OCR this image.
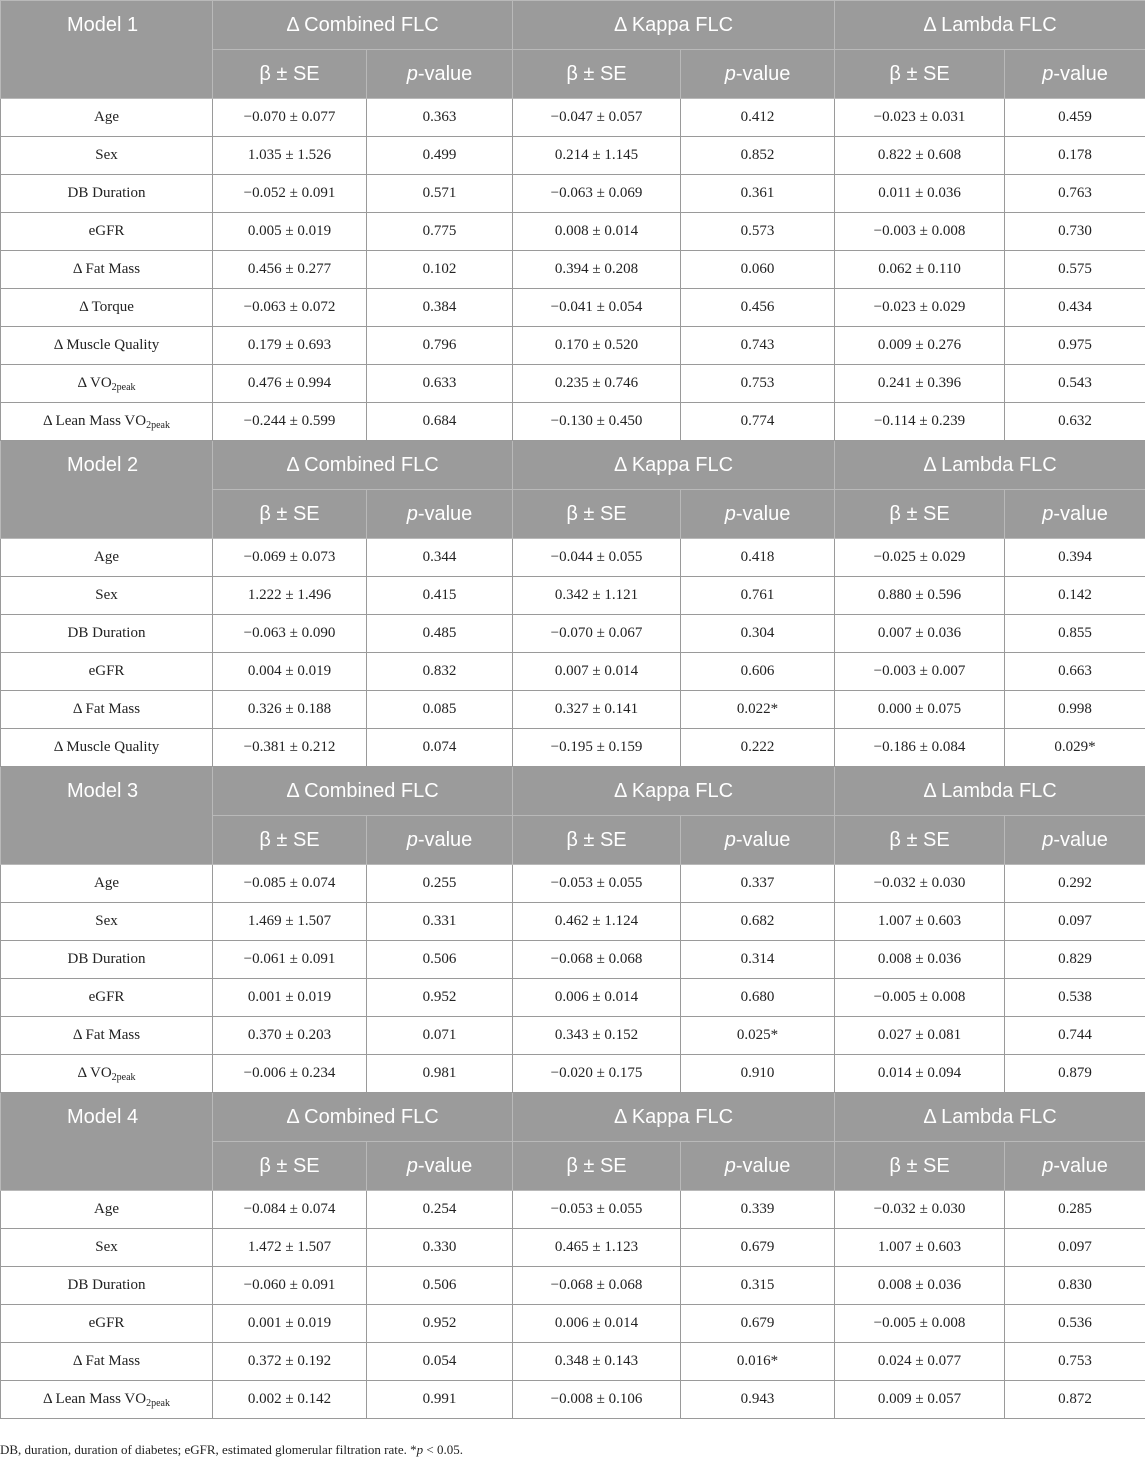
Model 1	Δ Combined FLC		Δ Kappa FLC		Δ Lambda FLC	
	β ± SE	p-value	β ± SE	p-value	β ± SE	p-value
Age	−0.070 ± 0.077	0.363	−0.047 ± 0.057	0.412	−0.023 ± 0.031	0.459
Sex	1.035 ± 1.526	0.499	0.214 ± 1.145	0.852	0.822 ± 0.608	0.178
DB Duration	−0.052 ± 0.091	0.571	−0.063 ± 0.069	0.361	0.011 ± 0.036	0.763
eGFR	0.005 ± 0.019	0.775	0.008 ± 0.014	0.573	−0.003 ± 0.008	0.730
Δ Fat Mass	0.456 ± 0.277	0.102	0.394 ± 0.208	0.060	0.062 ± 0.110	0.575
Δ Torque	−0.063 ± 0.072	0.384	−0.041 ± 0.054	0.456	−0.023 ± 0.029	0.434
Δ Muscle Quality	0.179 ± 0.693	0.796	0.170 ± 0.520	0.743	0.009 ± 0.276	0.975
Δ $VO_{2peak}$	0.476 ± 0.994	0.633	0.235 ± 0.746	0.753	0.241 ± 0.396	0.543
Δ Lean Mass $VO_{2peak}$	−0.244 ± 0.599	0.684	−0.130 ± 0.450	0.774	−0.114 ± 0.239	0.632
Model 2	Δ Combined FLC		Δ Kappa FLC		Δ Lambda FLC	
	β ± SE	p-value	β ± SE	p-value	β ± SE	p-value
Age	−0.069 ± 0.073	0.344	−0.044 ± 0.055	0.418	−0.025 ± 0.029	0.394
Sex	1.222 ± 1.496	0.415	0.342 ± 1.121	0.761	0.880 ± 0.596	0.142
DB Duration	−0.063 ± 0.090	0.485	−0.070 ± 0.067	0.304	0.007 ± 0.036	0.855
eGFR	0.004 ± 0.019	0.832	0.007 ± 0.014	0.606	−0.003 ± 0.007	0.663
Δ Fat Mass	0.326 ± 0.188	0.085	0.327 ± 0.141	0.022*	0.000 ± 0.075	0.998
Δ Muscle Quality	−0.381 ± 0.212	0.074	−0.195 ± 0.159	0.222	−0.186 ± 0.084	0.029*
Model 3	Δ Combined FLC		Δ Kappa FLC		Δ Lambda FLC	
	β ± SE	p-value	β ± SE	p-value	β ± SE	p-value
Age	−0.085 ± 0.074	0.255	−0.053 ± 0.055	0.337	−0.032 ± 0.030	0.292
Sex	1.469 ± 1.507	0.331	0.462 ± 1.124	0.682	1.007 ± 0.603	0.097
DB Duration	−0.061 ± 0.091	0.506	−0.068 ± 0.068	0.314	0.008 ± 0.036	0.829
eGFR	0.001 ± 0.019	0.952	0.006 ± 0.014	0.680	−0.005 ± 0.008	0.538
Δ Fat Mass	0.370 ± 0.203	0.071	0.343 ± 0.152	0.025*	0.027 ± 0.081	0.744
Δ $VO_{2peak}$	−0.006 ± 0.234	0.981	−0.020 ± 0.175	0.910	0.014 ± 0.094	0.879
Model 4	Δ Combined FLC		Δ Kappa FLC		Δ Lambda FLC	
	β ± SE	p-value	β ± SE	p-value	β ± SE	p-value
Age	−0.084 ± 0.074	0.254	−0.053 ± 0.055	0.339	−0.032 ± 0.030	0.285
Sex	1.472 ± 1.507	0.330	0.465 ± 1.123	0.679	1.007 ± 0.603	0.097
DB Duration	−0.060 ± 0.091	0.506	−0.068 ± 0.068	0.315	0.008 ± 0.036	0.830
eGFR	0.001 ± 0.019	0.952	0.006 ± 0.014	0.679	−0.005 ± 0.008	0.536
Δ Fat Mass	0.372 ± 0.192	0.054	0.348 ± 0.143	0.016*	0.024 ± 0.077	0.753
Δ Lean Mass $VO_{2peak}$	0.002 ± 0.142	0.991	−0.008 ± 0.106	0.943	0.009 ± 0.057	0.872
DB, duration, duration of diabetes; eGFR, estimated glomerular filtration rate. *p < 0.05.
